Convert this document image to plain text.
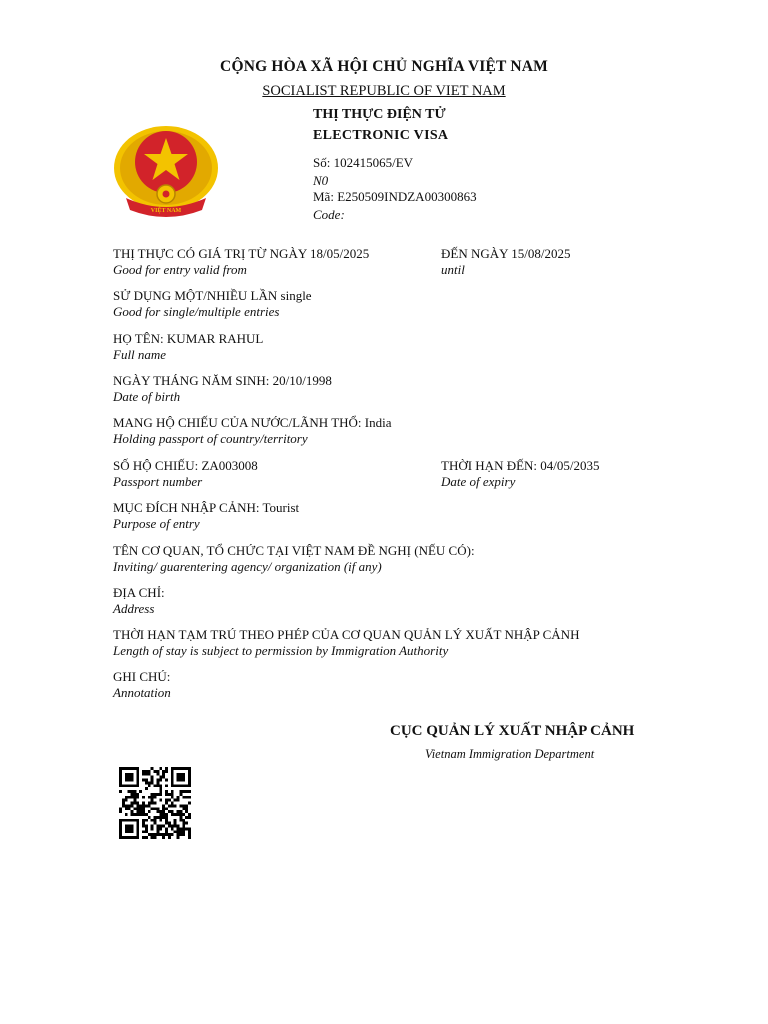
CỘNG HÒA XÃ HỘI CHỦ NGHĨA VIỆT NAM
SOCIALIST REPUBLIC OF VIET NAM
VIỆT NAM
THỊ THỰC ĐIỆN TỬ
ELECTRONIC VISA
Số: 102415065/EV
N0
Mã: E250509INDZA00300863
Code:
THỊ THỰC CÓ GIÁ TRỊ TỪ NGÀY 18/05/2025
Good for entry valid from
ĐẾN NGÀY 15/08/2025
until
SỬ DỤNG MỘT/NHIỀU LẦN single
Good for single/multiple entries
HỌ TÊN: KUMAR RAHUL
Full name
NGÀY THÁNG NĂM SINH: 20/10/1998
Date of birth
MANG HỘ CHIẾU CỦA NƯỚC/LÃNH THỔ: India
Holding passport of country/territory
SỐ HỘ CHIẾU: ZA003008
Passport number
THỜI HẠN ĐẾN: 04/05/2035
Date of expiry
MỤC ĐÍCH NHẬP CẢNH: Tourist
Purpose of entry
TÊN CƠ QUAN, TỔ CHỨC TẠI VIỆT NAM ĐỀ NGHỊ (NẾU CÓ):
Inviting/ guarentering agency/ organization (if any)
ĐỊA CHỈ:
Address
THỜI HẠN TẠM TRÚ THEO PHÉP CỦA CƠ QUAN QUẢN LÝ XUẤT NHẬP CẢNH
Length of stay is subject to permission by Immigration Authority
GHI CHÚ:
Annotation
CỤC QUẢN LÝ XUẤT NHẬP CẢNH
Vietnam Immigration Department
